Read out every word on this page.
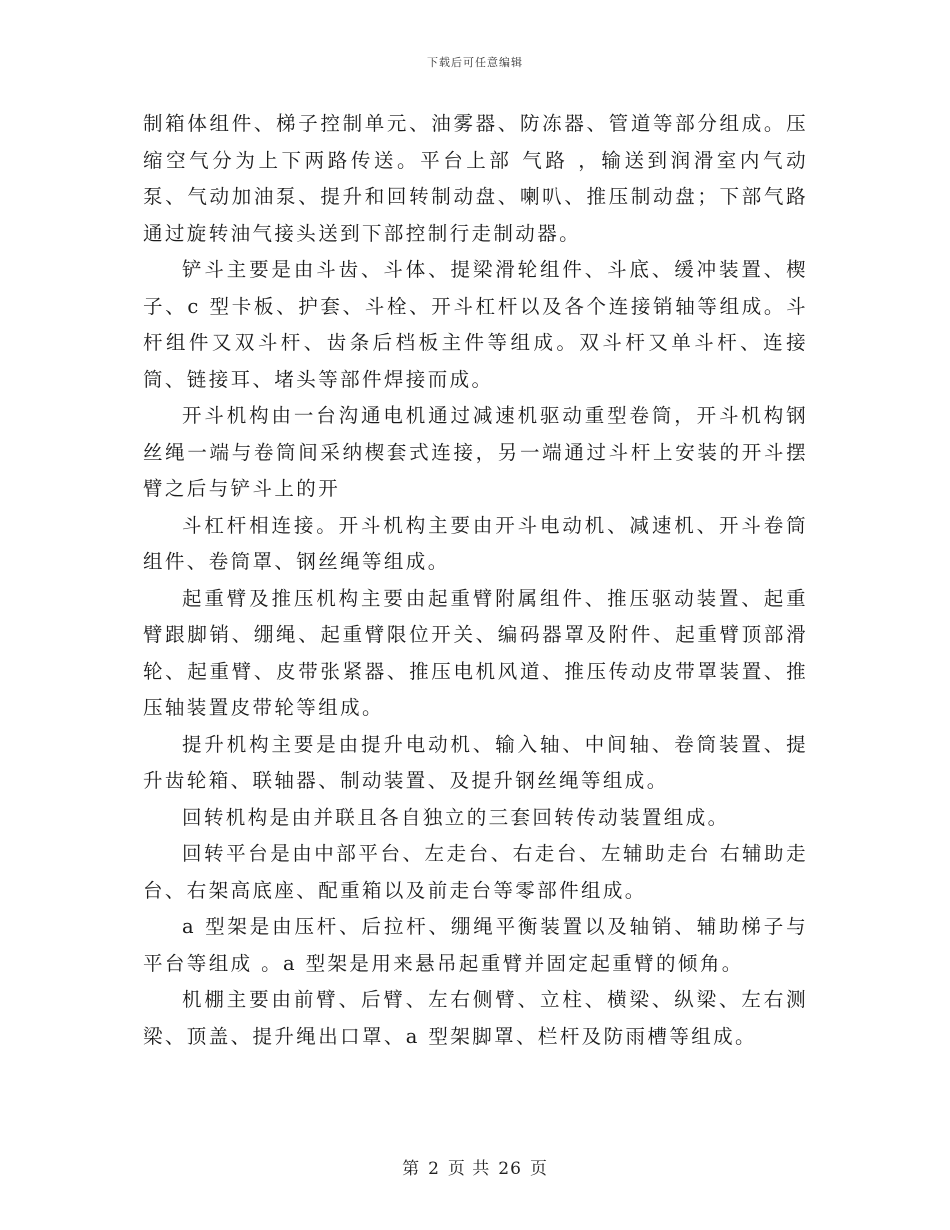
下载后可任意编辑

制箱体组件、梯子控制单元、油雾器、防冻器、管道等部分组成。压缩空气分为上下两路传送。平台上部 气路 ，输送到润滑室内气动泵、气动加油泵、提升和回转制动盘、喇叭、推压制动盘；下部气路通过旋转油气接头送到下部控制行走制动器。

铲斗主要是由斗齿、斗体、提梁滑轮组件、斗底、缓冲装置、楔子、c 型卡板、护套、斗栓、开斗杠杆以及各个连接销轴等组成。斗杆组件又双斗杆、齿条后档板主件等组成。双斗杆又单斗杆、连接筒、链接耳、堵头等部件焊接而成。

开斗机构由一台沟通电机通过减速机驱动重型卷筒，开斗机构钢丝绳一端与卷筒间采纳楔套式连接，另一端通过斗杆上安装的开斗摆臂之后与铲斗上的开

斗杠杆相连接。开斗机构主要由开斗电动机、减速机、开斗卷筒组件、卷筒罩、钢丝绳等组成。

起重臂及推压机构主要由起重臂附属组件、推压驱动装置、起重臂跟脚销、绷绳、起重臂限位开关、编码器罩及附件、起重臂顶部滑轮、起重臂、皮带张紧器、推压电机风道、推压传动皮带罩装置、推压轴装置皮带轮等组成。

提升机构主要是由提升电动机、输入轴、中间轴、卷筒装置、提升齿轮箱、联轴器、制动装置、及提升钢丝绳等组成。

回转机构是由并联且各自独立的三套回转传动装置组成。

回转平台是由中部平台、左走台、右走台、左辅助走台 右辅助走台、右架高底座、配重箱以及前走台等零部件组成。

a 型架是由压杆、后拉杆、绷绳平衡装置以及轴销、辅助梯子与平台等组成 。a 型架是用来悬吊起重臂并固定起重臂的倾角。

机棚主要由前臂、后臂、左右侧臂、立柱、横梁、纵梁、左右测梁、顶盖、提升绳出口罩、a 型架脚罩、栏杆及防雨槽等组成。

第 2 页 共 26 页
